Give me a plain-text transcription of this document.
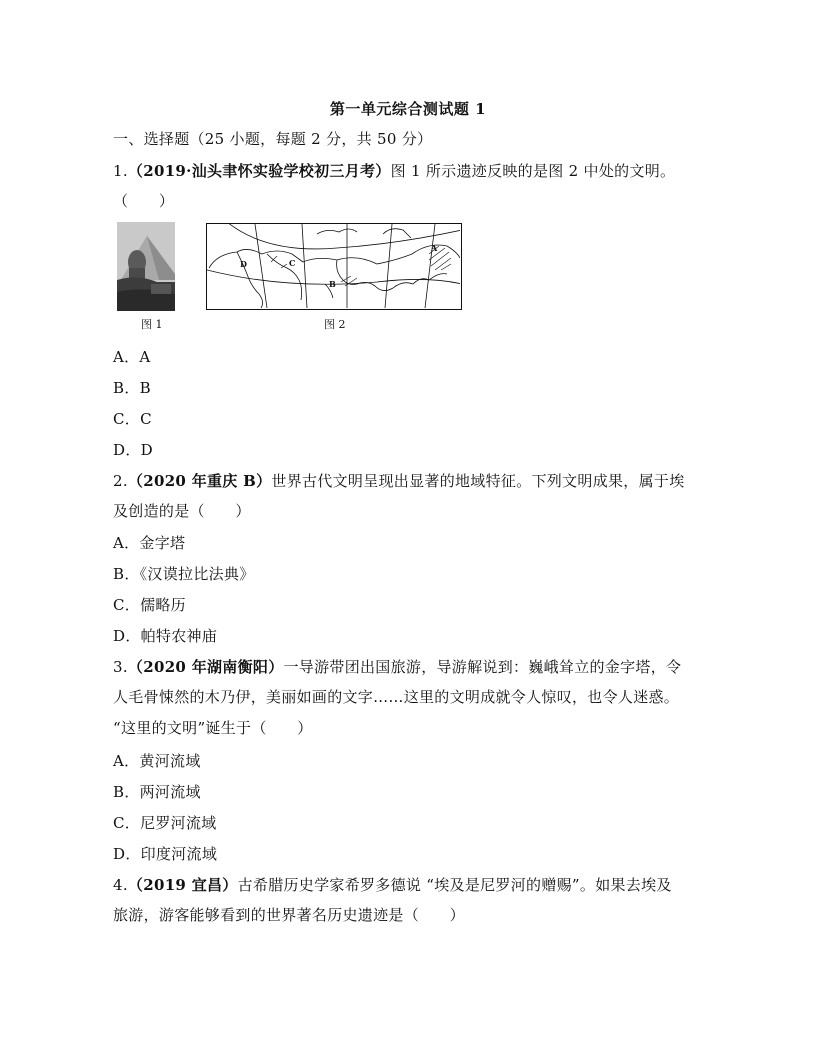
第一单元综合测试题 1
一、选择题（25 小题，每题 2 分，共 50 分）
1.（2019·汕头聿怀实验学校初三月考）图 1 所示遗迹反映的是图 2 中处的文明。
（　　）
图 1
D	C
B
A
图 2
A．A
B．B
C．C
D．D
2.（2020 年重庆 B）世界古代文明呈现出显著的地域特征。下列文明成果，属于埃
及创造的是（　　）
A．金字塔
B．《汉谟拉比法典》
C．儒略历
D．帕特农神庙
3.（2020 年湖南衡阳）一导游带团出国旅游，导游解说到：巍峨耸立的金字塔，令
人毛骨悚然的木乃伊，美丽如画的文字……这里的文明成就令人惊叹，也令人迷惑。
“这里的文明”诞生于（　　）
A．黄河流域
B．两河流域
C．尼罗河流域
D．印度河流域
4.（2019 宜昌）古希腊历史学家希罗多德说 “埃及是尼罗河的赠赐”。如果去埃及
旅游，游客能够看到的世界著名历史遗迹是（　　）
